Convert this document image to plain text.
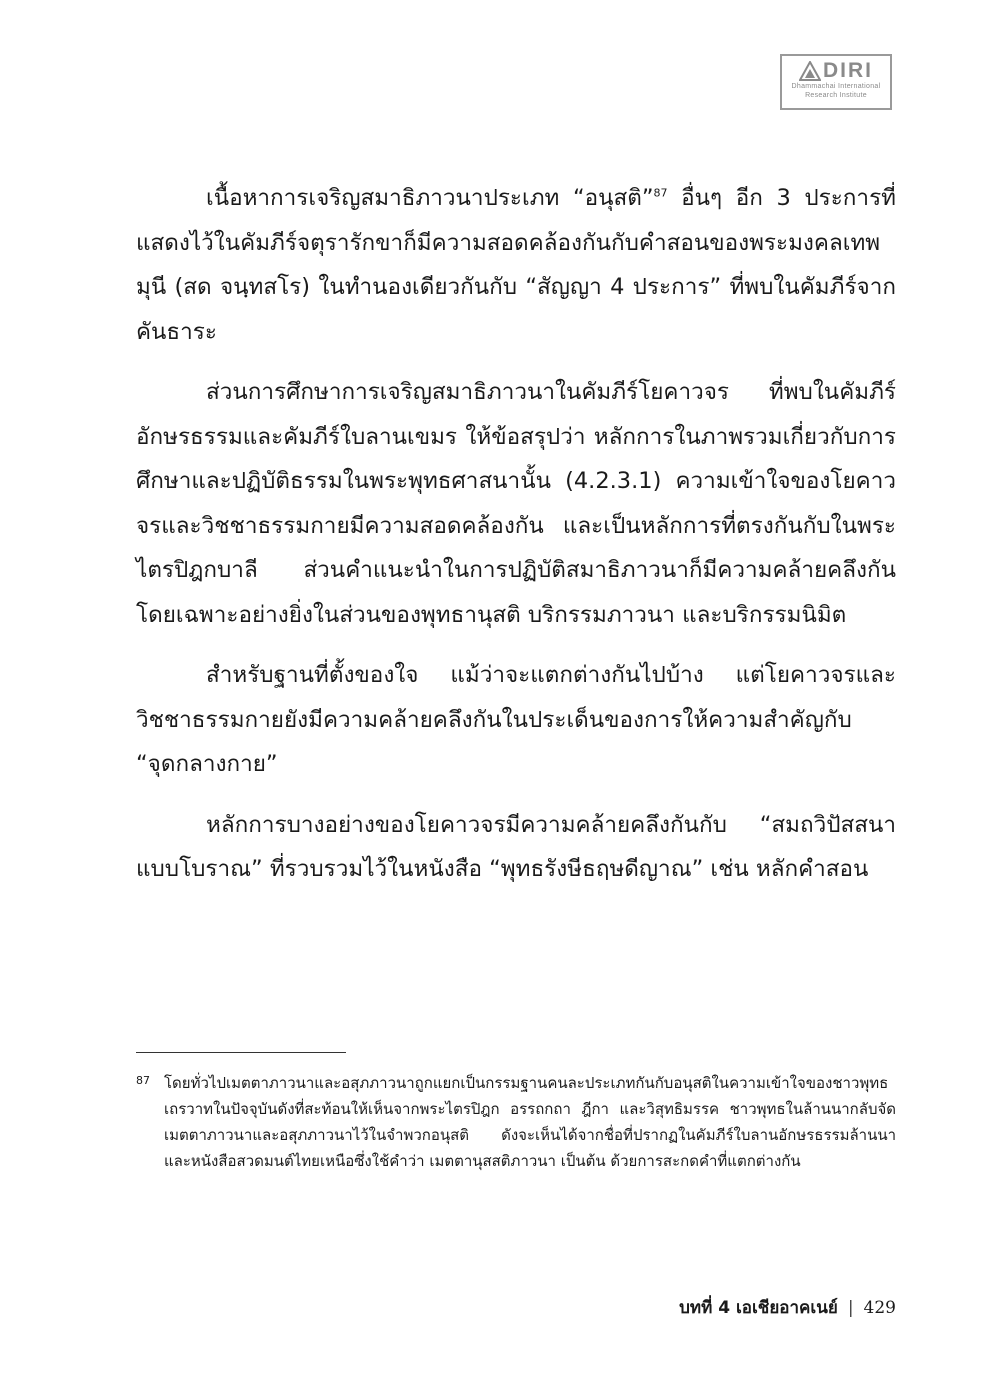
DIRI
Dhammachai International
Research Institute

เนื้อหาการเจริญสมาธิภาวนาประเภท “อนุสติ”$^{87}$ อื่นๆ อีก 3 ประการที่แสดงไว้ในคัมภีร์จตุรารักขาก็มีความสอดคล้องกันกับคำสอนของพระมงคลเทพมุนี (สด จนฺทสโร) ในทำนองเดียวกันกับ “สัญญา 4 ประการ” ที่พบในคัมภีร์จากคันธาระ

ส่วนการศึกษาการเจริญสมาธิภาวนาในคัมภีร์โยคาวจร ที่พบในคัมภีร์อักษรธรรมและคัมภีร์ใบลานเขมร ให้ข้อสรุปว่า หลักการในภาพรวมเกี่ยวกับการศึกษาและปฏิบัติธรรมในพระพุทธศาสนานั้น (4.2.3.1) ความเข้าใจของโยคาวจรและวิชชาธรรมกายมีความสอดคล้องกัน และเป็นหลักการที่ตรงกันกับในพระไตรปิฎกบาลี ส่วนคำแนะนำในการปฏิบัติสมาธิภาวนาก็มีความคล้ายคลึงกันโดยเฉพาะอย่างยิ่งในส่วนของพุทธานุสติ บริกรรมภาวนา และบริกรรมนิมิต

สำหรับฐานที่ตั้งของใจ แม้ว่าจะแตกต่างกันไปบ้าง แต่โยคาวจรและวิชชาธรรมกายยังมีความคล้ายคลึงกันในประเด็นของการให้ความสำคัญกับ “จุดกลางกาย”

หลักการบางอย่างของโยคาวจรมีความคล้ายคลึงกันกับ “สมถวิปัสสนาแบบโบราณ” ที่รวบรวมไว้ในหนังสือ “พุทธรังษีธฤษดีญาณ” เช่น หลักคำสอน

87 โดยทั่วไปเมตตาภาวนาและอสุภภาวนาถูกแยกเป็นกรรมฐานคนละประเภทกันกับอนุสติในความเข้าใจของชาวพุทธเถรวาทในปัจจุบันดังที่สะท้อนให้เห็นจากพระไตรปิฎก อรรถกถา ฎีกา และวิสุทธิมรรค ชาวพุทธในล้านนากลับจัดเมตตาภาวนาและอสุภภาวนาไว้ในจำพวกอนุสติ ดังจะเห็นได้จากชื่อที่ปรากฏในคัมภีร์ใบลานอักษรธรรมล้านนา และหนังสือสวดมนต์ไทยเหนือซึ่งใช้คำว่า เมตตานุสสติภาวนา เป็นต้น ด้วยการสะกดคำที่แตกต่างกัน
บทที่ 4 เอเชียอาคเนย์ | 429
